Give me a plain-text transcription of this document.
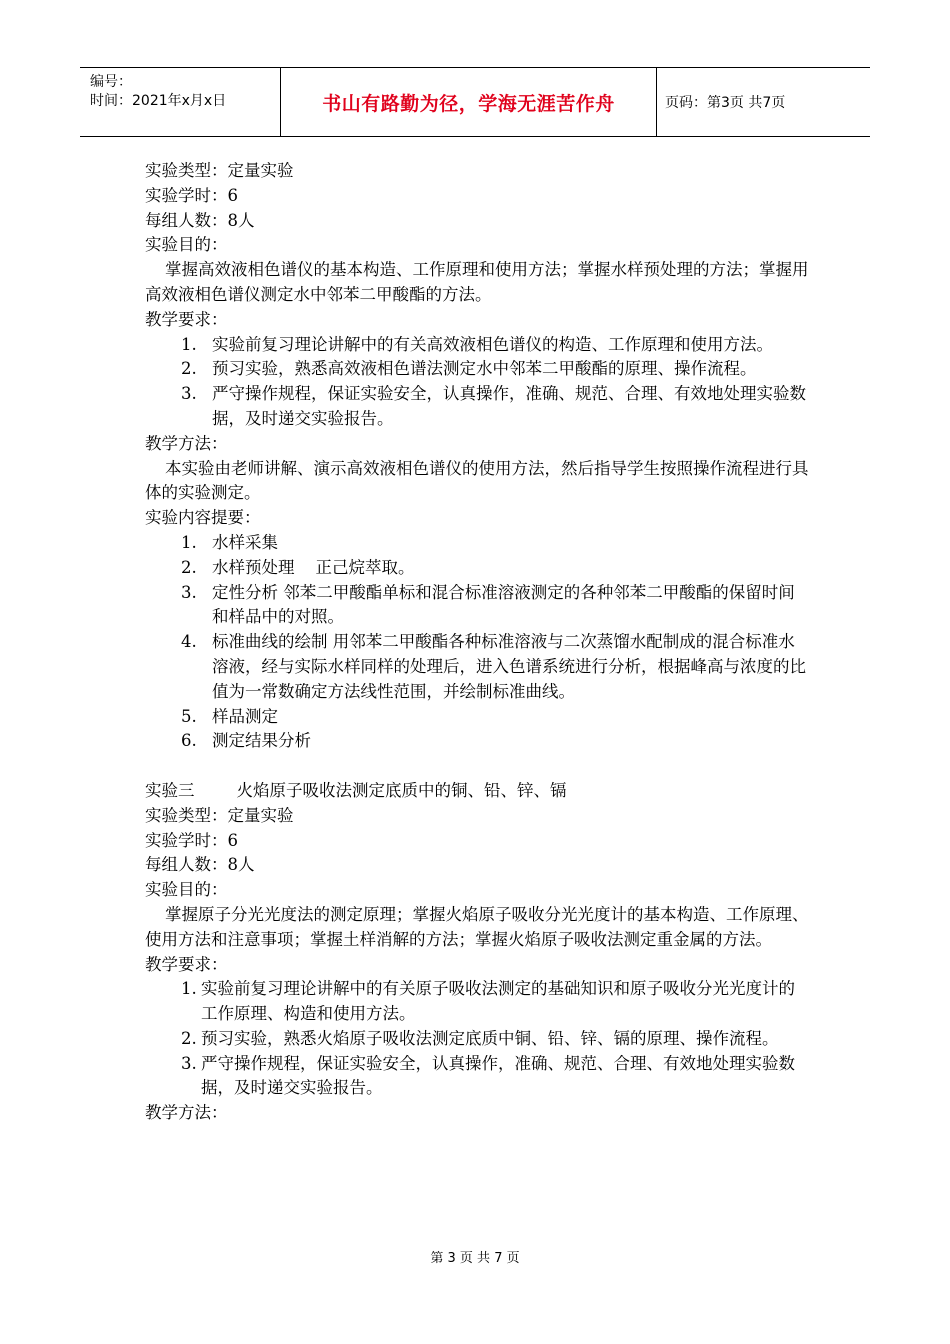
编号：
时间：2021年x月x日	书山有路勤为径，学海无涯苦作舟	页码：第3页 共7页
实验类型：定量实验
实验学时：6
每组人数：8人
实验目的：
掌握高效液相色谱仪的基本构造、工作原理和使用方法；掌握水样预处理的方法；掌握用高效液相色谱仪测定水中邻苯二甲酸酯的方法。
教学要求：
1. 实验前复习理论讲解中的有关高效液相色谱仪的构造、工作原理和使用方法。
2. 预习实验，熟悉高效液相色谱法测定水中邻苯二甲酸酯的原理、操作流程。
3. 严守操作规程，保证实验安全，认真操作，准确、规范、合理、有效地处理实验数据，及时递交实验报告。
教学方法：
本实验由老师讲解、演示高效液相色谱仪的使用方法，然后指导学生按照操作流程进行具体的实验测定。
实验内容提要：
1. 水样采集
2. 水样预处理    正己烷萃取。
3. 定性分析 邻苯二甲酸酯单标和混合标准溶液测定的各种邻苯二甲酸酯的保留时间和样品中的对照。
4. 标准曲线的绘制 用邻苯二甲酸酯各种标准溶液与二次蒸馏水配制成的混合标准水溶液，经与实际水样同样的处理后，进入色谱系统进行分析，根据峰高与浓度的比值为一常数确定方法线性范围，并绘制标准曲线。
5. 样品测定
6. 测定结果分析
实验三        火焰原子吸收法测定底质中的铜、铅、锌、镉
实验类型：定量实验
实验学时：6
每组人数：8人
实验目的：
掌握原子分光光度法的测定原理；掌握火焰原子吸收分光光度计的基本构造、工作原理、使用方法和注意事项；掌握土样消解的方法；掌握火焰原子吸收法测定重金属的方法。
教学要求：
1. 实验前复习理论讲解中的有关原子吸收法测定的基础知识和原子吸收分光光度计的工作原理、构造和使用方法。
2. 预习实验，熟悉火焰原子吸收法测定底质中铜、铅、锌、镉的原理、操作流程。
3. 严守操作规程，保证实验安全，认真操作，准确、规范、合理、有效地处理实验数据，及时递交实验报告。
教学方法：
第 3 页 共 7 页
